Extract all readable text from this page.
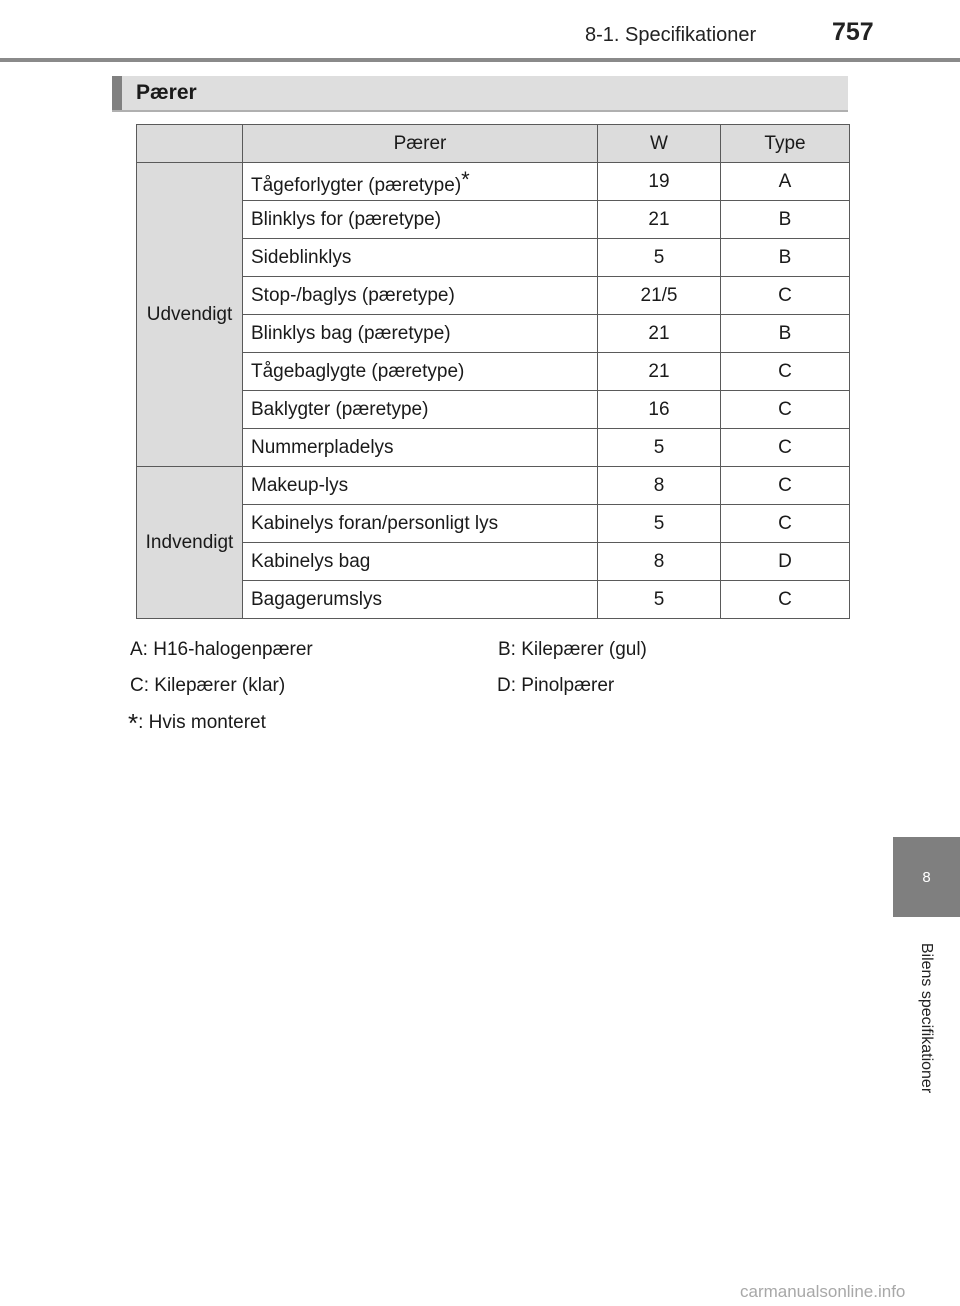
8-1. Specifikationer	757
Pærer
	Pærer	W	Type
Udvendigt	Tågeforlygter (pæretype)*	19	A
	Blinklys for (pæretype)	21	B
	Sideblinklys	5	B
	Stop-/baglys (pæretype)	21/5	C
	Blinklys bag (pæretype)	21	B
	Tågebaglygte (pæretype)	21	C
	Baklygter (pæretype)	16	C
	Nummerpladelys	5	C
Indvendigt	Makeup-lys	8	C
	Kabinelys foran/personligt lys	5	C
	Kabinelys bag	8	D
	Bagagerumslys	5	C
A: H16-halogenpærer	B: Kilepærer (gul)
C: Kilepærer (klar)	D: Pinolpærer
*: Hvis monteret
8
Bilens specifikationer
carmanualsonline.info
